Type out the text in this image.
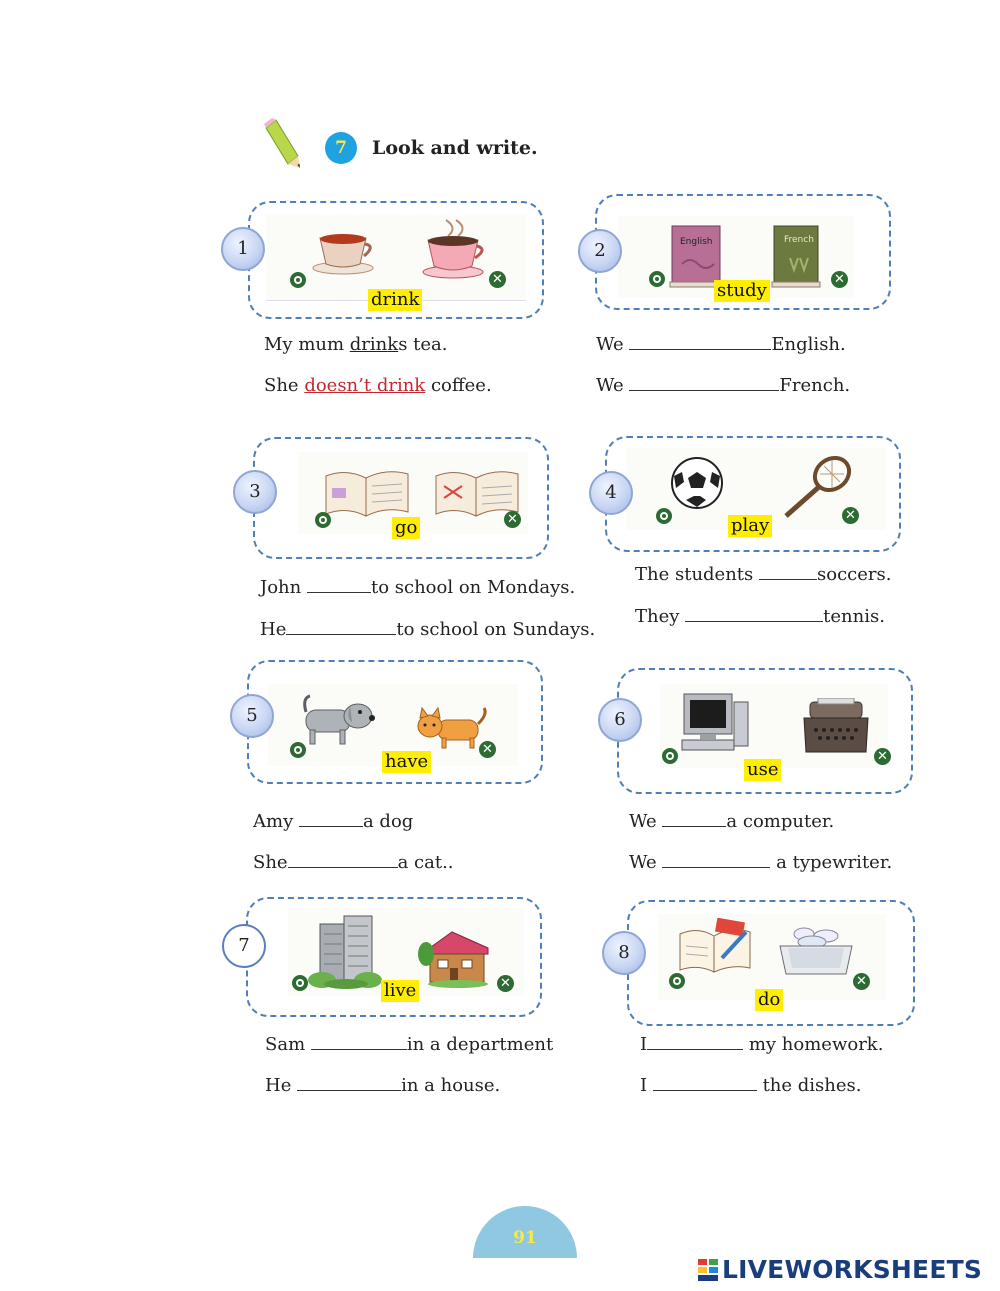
7	Look and write.
✕
drink
1
My mum drinks tea.
She doesn’t drink coffee.
English	French
✕
study
2
We	English.
We	French.
✕
go
3
John	to school on Mondays.
He	to school on Sundays.
✕
play
4
The students	soccers.
They	tennis.
✕
have
5
Amy	a dog
She	a cat..
✕
use
6
We	a computer.
We	a typewriter.
✕
live
7
Sam	in a department
He	in a house.
✕
do
8
I	my homework.
I	the dishes.
91
LIVEWORKSHEETS
